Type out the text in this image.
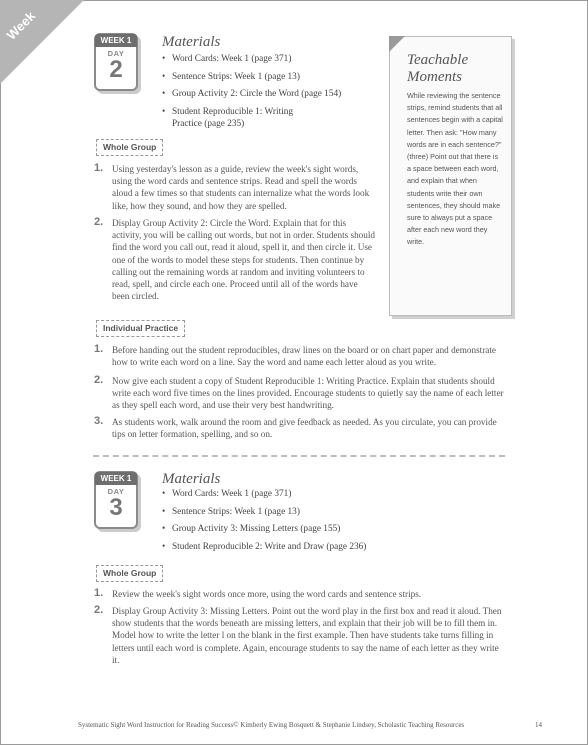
Week
1	WEEK 1
DAY
2
Materials
• Word Cards: Week 1 (page 371)
• Sentence Strips: Week 1 (page 13)
• Group Activity 2: Circle the Word (page 154)
• Student Reproducible 1: Writing Practice (page 235)
Whole Group
1. Using yesterday's lesson as a guide, review the week's sight words, using the word cards and sentence strips. Read and spell the words aloud a few times so that students can internalize what the words look like, how they sound, and how they are spelled.
2. Display Group Activity 2: Circle the Word. Explain that for this activity, you will be calling out words, but not in order. Students should find the word you call out, read it aloud, spell it, and then circle it. Use one of the words to model these steps for students. Then continue by calling out the remaining words at random and inviting volunteers to read, spell, and circle each one. Proceed until all of the words have been circled.
Individual Practice
1. Before handing out the student reproducibles, draw lines on the board or on chart paper and demonstrate how to write each word on a line. Say the word and name each letter aloud as you write.
2. Now give each student a copy of Student Reproducible 1: Writing Practice. Explain that students should write each word five times on the lines provided. Encourage students to quietly say the name of each letter as they spell each word, and use their very best handwriting.
3. As students work, walk around the room and give feedback as needed. As you circulate, you can provide tips on letter formation, spelling, and so on.
Teachable
Moments
While reviewing the sentence strips, remind students that all sentences begin with a capital letter. Then ask: "How many words are in each sentence?" (three) Point out that there is a space between each word, and explain that when students write their own sentences, they should make sure to always put a space after each new word they write.
WEEK 1
DAY
3
Materials
• Word Cards: Week 1 (page 371)
• Sentence Strips: Week 1 (page 13)
• Group Activity 3: Missing Letters (page 155)
• Student Reproducible 2: Write and Draw (page 236)
Whole Group
1. Review the week's sight words once more, using the word cards and sentence strips.
2. Display Group Activity 3: Missing Letters. Point out the word play in the first box and read it aloud. Then show students that the words beneath are missing letters, and explain that their job will be to fill them in. Model how to write the letter l on the blank in the first example. Then have students take turns filling in letters until each word is complete. Again, encourage students to say the name of each letter as they write it.
Systematic Sight Word Instruction for Reading Success© Kimberly Ewing Bosquett & Stephanie Lindsey, Scholastic Teaching Resources	14
